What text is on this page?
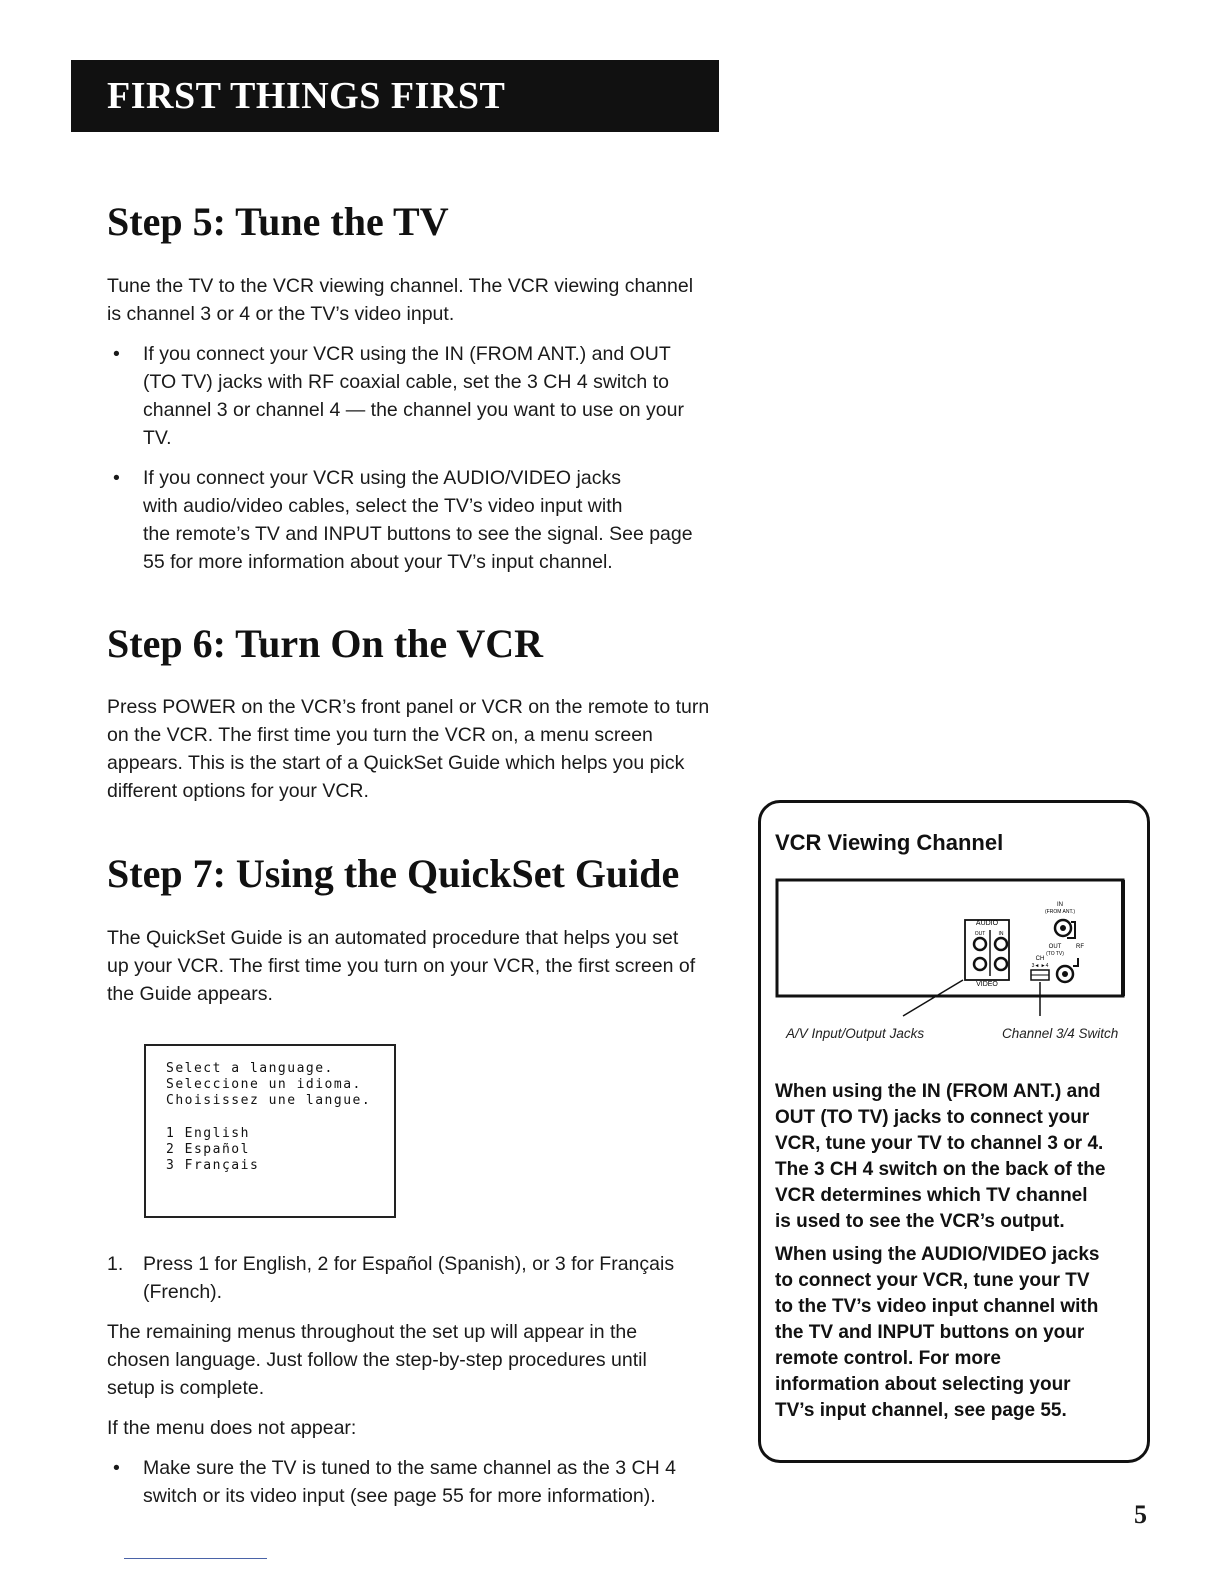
FIRST THINGS FIRST
Step 5: Tune the TV
Tune the TV to the VCR viewing channel. The VCR viewing channel
is channel 3 or 4 or the TV’s video input.
• If you connect your VCR using the IN (FROM ANT.) and OUT
(TO TV) jacks with RF coaxial cable, set the 3 CH 4 switch to
channel 3 or channel 4 — the channel you want to use on your
TV.
• If you connect your VCR using the AUDIO/VIDEO jacks
with audio/video cables, select the TV’s video input with
the remote’s TV and INPUT buttons to see the signal. See page
55 for more information about your TV’s input channel.
Step 6: Turn On the VCR
Press POWER on the VCR’s front panel or VCR on the remote to turn
on the VCR. The first time you turn the VCR on, a menu screen
appears. This is the start of a QuickSet Guide which helps you pick
different options for your VCR.
Step 7: Using the QuickSet Guide
The QuickSet Guide is an automated procedure that helps you set
up your VCR. The first time you turn on your VCR, the first screen of
the Guide appears.
Select a language.
Seleccione un idioma.
Choisissez une langue.
1 English
2 Español
3 Français
1. Press 1 for English, 2 for Español (Spanish), or 3 for Français
(French).
The remaining menus throughout the set up will appear in the
chosen language. Just follow the step-by-step procedures until
setup is complete.
If the menu does not appear:
• Make sure the TV is tuned to the same channel as the 3 CH 4
switch or its video input (see page 55 for more information).
VCR Viewing Channel
IN
(FROM ANT.)
AUDIO
OUT	IN
VIDEO
OUT RF
(TO TV)
CH
3◄ ►4
A/V Input/Output Jacks	Channel 3/4 Switch
When using the IN (FROM ANT.) and
OUT (TO TV) jacks to connect your
VCR, tune your TV to channel 3 or 4.
The 3 CH 4 switch on the back of the
VCR determines which TV channel
is used to see the VCR’s output.
When using the AUDIO/VIDEO jacks
to connect your VCR, tune your TV
to the TV’s video input channel with
the TV and INPUT buttons on your
remote control. For more
information about selecting your
TV’s input channel, see page 55.
5
